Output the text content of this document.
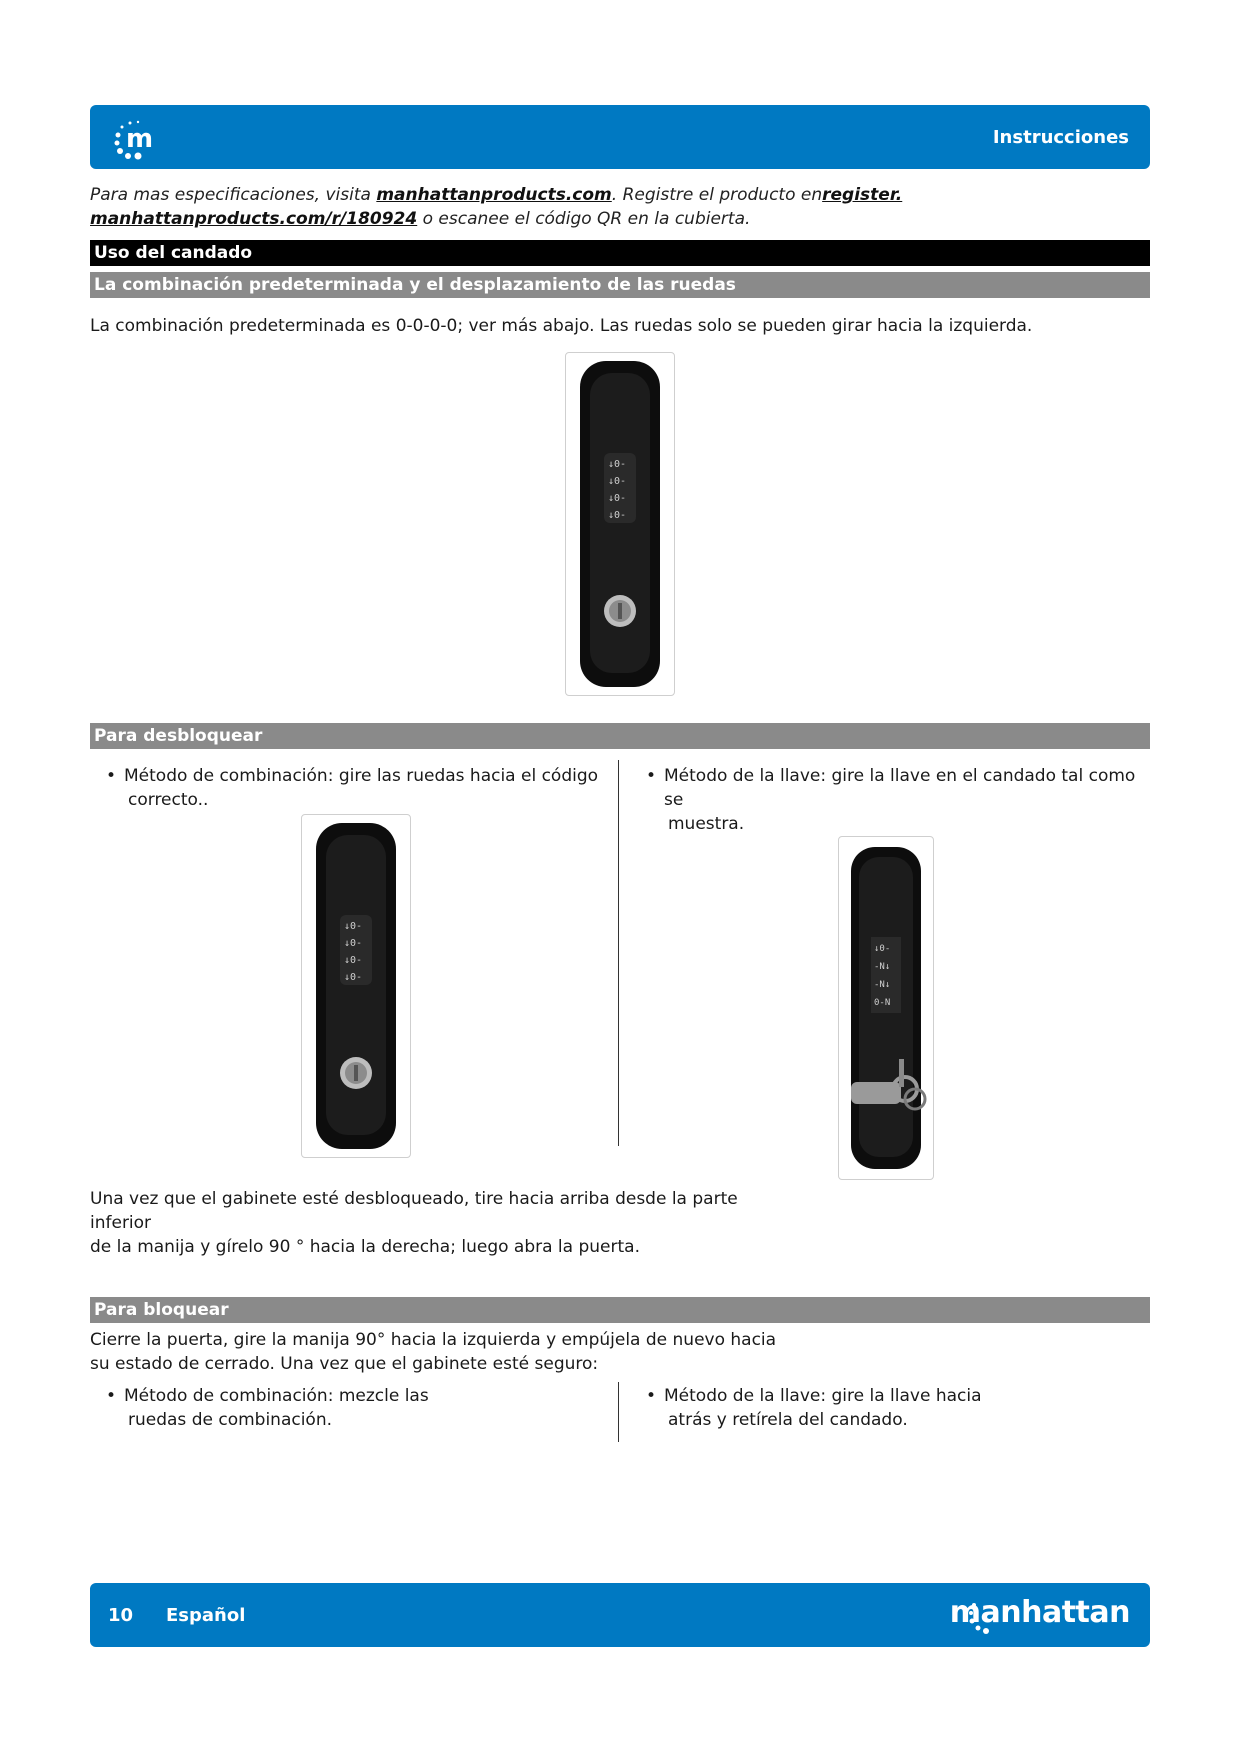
m	Instrucciones
Para mas especificaciones, visita manhattanproducts.com. Registre el producto enregister.
manhattanproducts.com/r/180924 o escanee el código QR en la cubierta.
Uso del candado
La combinación predeterminada y el desplazamiento de las ruedas
La combinación predeterminada es 0-0-0-0; ver más abajo. Las ruedas solo se pueden girar hacia la izquierda.
↓0-
↓0-
↓0-
↓0-
Para desbloquear
• Método de combinación: gire las ruedas hacia el código
correcto..
• Método de la llave: gire la llave en el candado tal como se
muestra.
↓0-
↓0-
↓0-
↓0-
↓0-
-N↓
-N↓
0-N
Una vez que el gabinete esté desbloqueado, tire hacia arriba desde la parte inferior
de la manija y gírelo 90 ° hacia la derecha; luego abra la puerta.
Para bloquear
Cierre la puerta, gire la manija 90° hacia la izquierda y empújela de nuevo hacia
su estado de cerrado. Una vez que el gabinete esté seguro:
• Método de combinación: mezcle las
ruedas de combinación.
• Método de la llave: gire la llave hacia
atrás y retírela del candado.
10 Español	manhattan
